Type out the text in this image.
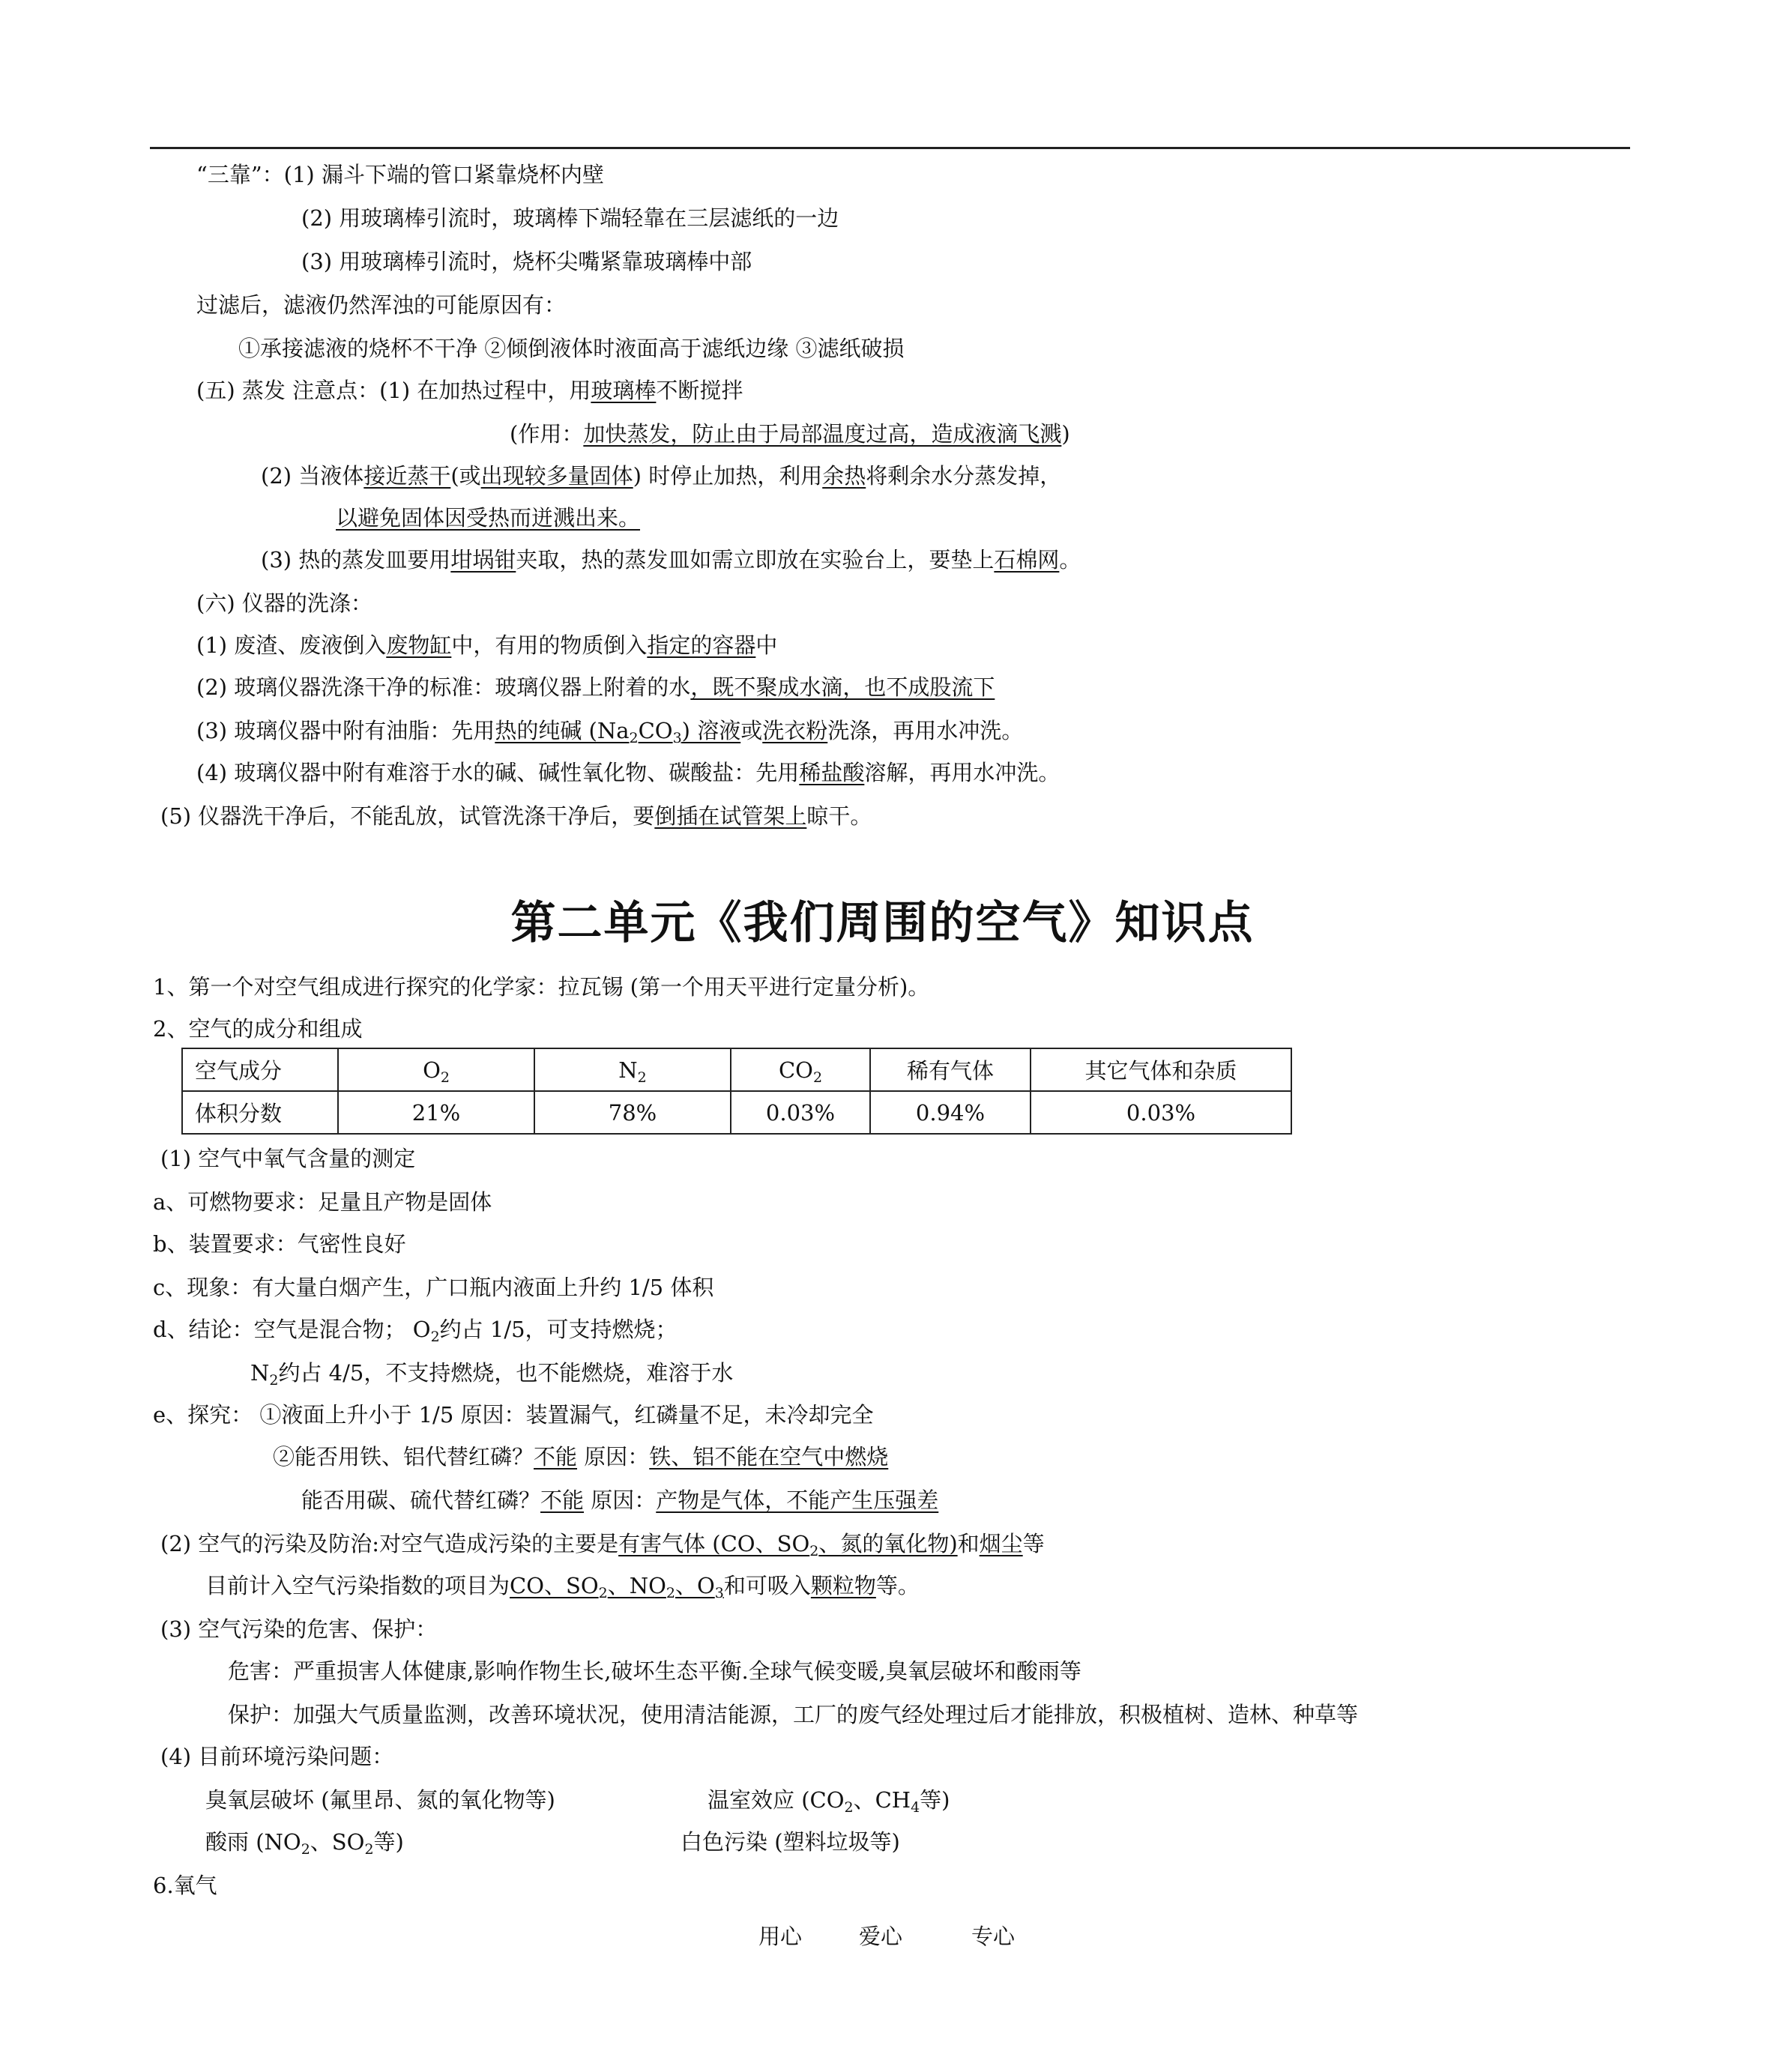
“三靠”：(1) 漏斗下端的管口紧靠烧杯内壁
(2) 用玻璃棒引流时，玻璃棒下端轻靠在三层滤纸的一边
(3) 用玻璃棒引流时，烧杯尖嘴紧靠玻璃棒中部
过滤后，滤液仍然浑浊的可能原因有：
①承接滤液的烧杯不干净 ②倾倒液体时液面高于滤纸边缘 ③滤纸破损
(五) 蒸发 注意点：(1) 在加热过程中，用玻璃棒不断搅拌
(作用：加快蒸发，防止由于局部温度过高，造成液滴飞溅)
(2) 当液体接近蒸干(或出现较多量固体) 时停止加热，利用余热将剩余水分蒸发掉，
以避免固体因受热而迸溅出来。
(3) 热的蒸发皿要用坩埚钳夹取，热的蒸发皿如需立即放在实验台上，要垫上石棉网。
(六) 仪器的洗涤：
(1) 废渣、废液倒入废物缸中，有用的物质倒入指定的容器中
(2) 玻璃仪器洗涤干净的标准：玻璃仪器上附着的水，既不聚成水滴，也不成股流下
(3) 玻璃仪器中附有油脂：先用热的纯碱 $(Na_2CO_3)$ 溶液或洗衣粉洗涤，再用水冲洗。
(4) 玻璃仪器中附有难溶于水的碱、碱性氧化物、碳酸盐：先用稀盐酸溶解，再用水冲洗。
(5) 仪器洗干净后，不能乱放，试管洗涤干净后，要倒插在试管架上晾干。
第二单元《我们周围的空气》知识点
1、第一个对空气组成进行探究的化学家：拉瓦锡 (第一个用天平进行定量分析)。
2、空气的成分和组成
空气成分	$O_2$	$N_2$	$CO_2$	稀有气体	其它气体和杂质
体积分数	21%	78%	0.03%	0.94%	0.03%
(1) 空气中氧气含量的测定
a、可燃物要求：足量且产物是固体
b、装置要求：气密性良好
c、现象：有大量白烟产生，广口瓶内液面上升约 1/5 体积
d、结论：空气是混合物； $O_2$约占 1/5，可支持燃烧；
$N_2$约占 4/5，不支持燃烧，也不能燃烧，难溶于水
e、探究： ①液面上升小于 1/5 原因：装置漏气，红磷量不足，未冷却完全
②能否用铁、铝代替红磷？不能 原因：铁、铝不能在空气中燃烧
能否用碳、硫代替红磷？不能 原因：产物是气体，不能产生压强差
(2) 空气的污染及防治:对空气造成污染的主要是有害气体 (CO、$SO_2$、氮的氧化物)和烟尘等
目前计入空气污染指数的项目为CO、$SO_2$、$NO_2$、$O_3$和可吸入颗粒物等。
(3) 空气污染的危害、保护：
危害：严重损害人体健康,影响作物生长,破坏生态平衡.全球气候变暖,臭氧层破坏和酸雨等
保护：加强大气质量监测，改善环境状况，使用清洁能源，工厂的废气经处理过后才能排放，积极植树、造林、种草等
(4) 目前环境污染问题：
臭氧层破坏 (氟里昂、氮的氧化物等)	温室效应 ($CO_2$、$CH_4$等)
酸雨 ($NO_2$、$SO_2$等)	白色污染 (塑料垃圾等)
6.氧气
用心	爱心	专心
